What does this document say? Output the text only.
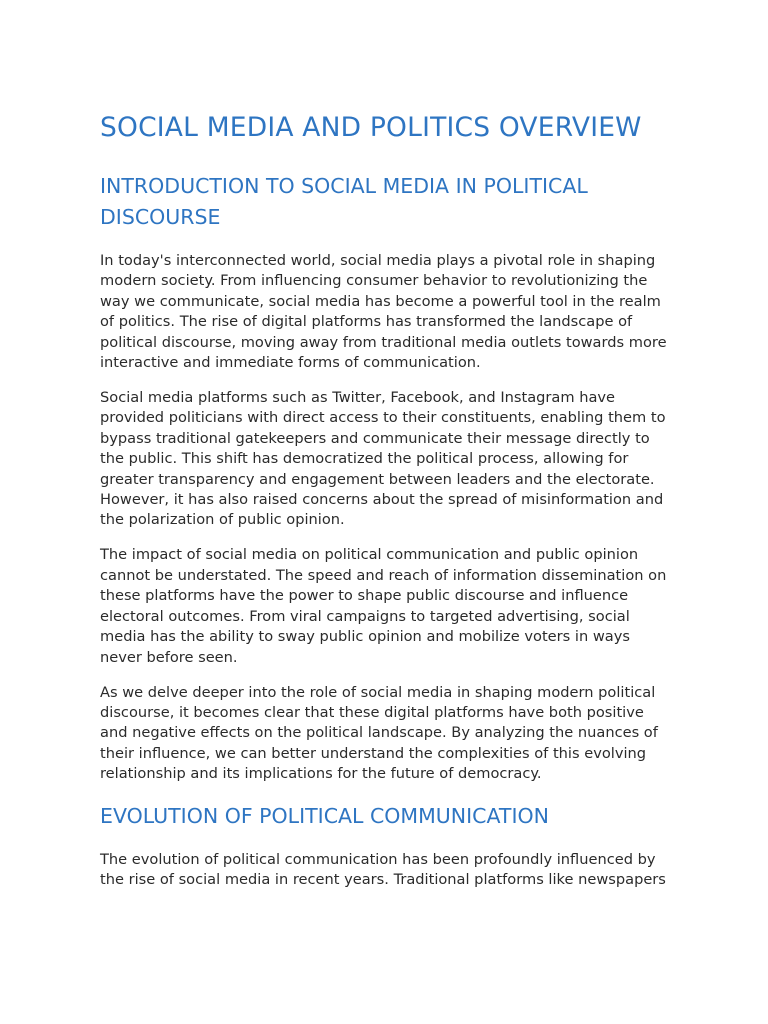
SOCIAL MEDIA AND POLITICS OVERVIEW
INTRODUCTION TO SOCIAL MEDIA IN POLITICAL DISCOURSE

In today's interconnected world, social media plays a pivotal role in shaping modern society. From influencing consumer behavior to revolutionizing the way we communicate, social media has become a powerful tool in the realm of politics. The rise of digital platforms has transformed the landscape of political discourse, moving away from traditional media outlets towards more interactive and immediate forms of communication.

Social media platforms such as Twitter, Facebook, and Instagram have provided politicians with direct access to their constituents, enabling them to bypass traditional gatekeepers and communicate their message directly to the public. This shift has democratized the political process, allowing for greater transparency and engagement between leaders and the electorate. However, it has also raised concerns about the spread of misinformation and the polarization of public opinion.

The impact of social media on political communication and public opinion cannot be understated. The speed and reach of information dissemination on these platforms have the power to shape public discourse and influence electoral outcomes. From viral campaigns to targeted advertising, social media has the ability to sway public opinion and mobilize voters in ways never before seen.

As we delve deeper into the role of social media in shaping modern political discourse, it becomes clear that these digital platforms have both positive and negative effects on the political landscape. By analyzing the nuances of their influence, we can better understand the complexities of this evolving relationship and its implications for the future of democracy.

EVOLUTION OF POLITICAL COMMUNICATION

The evolution of political communication has been profoundly influenced by the rise of social media in recent years. Traditional platforms like newspapers
